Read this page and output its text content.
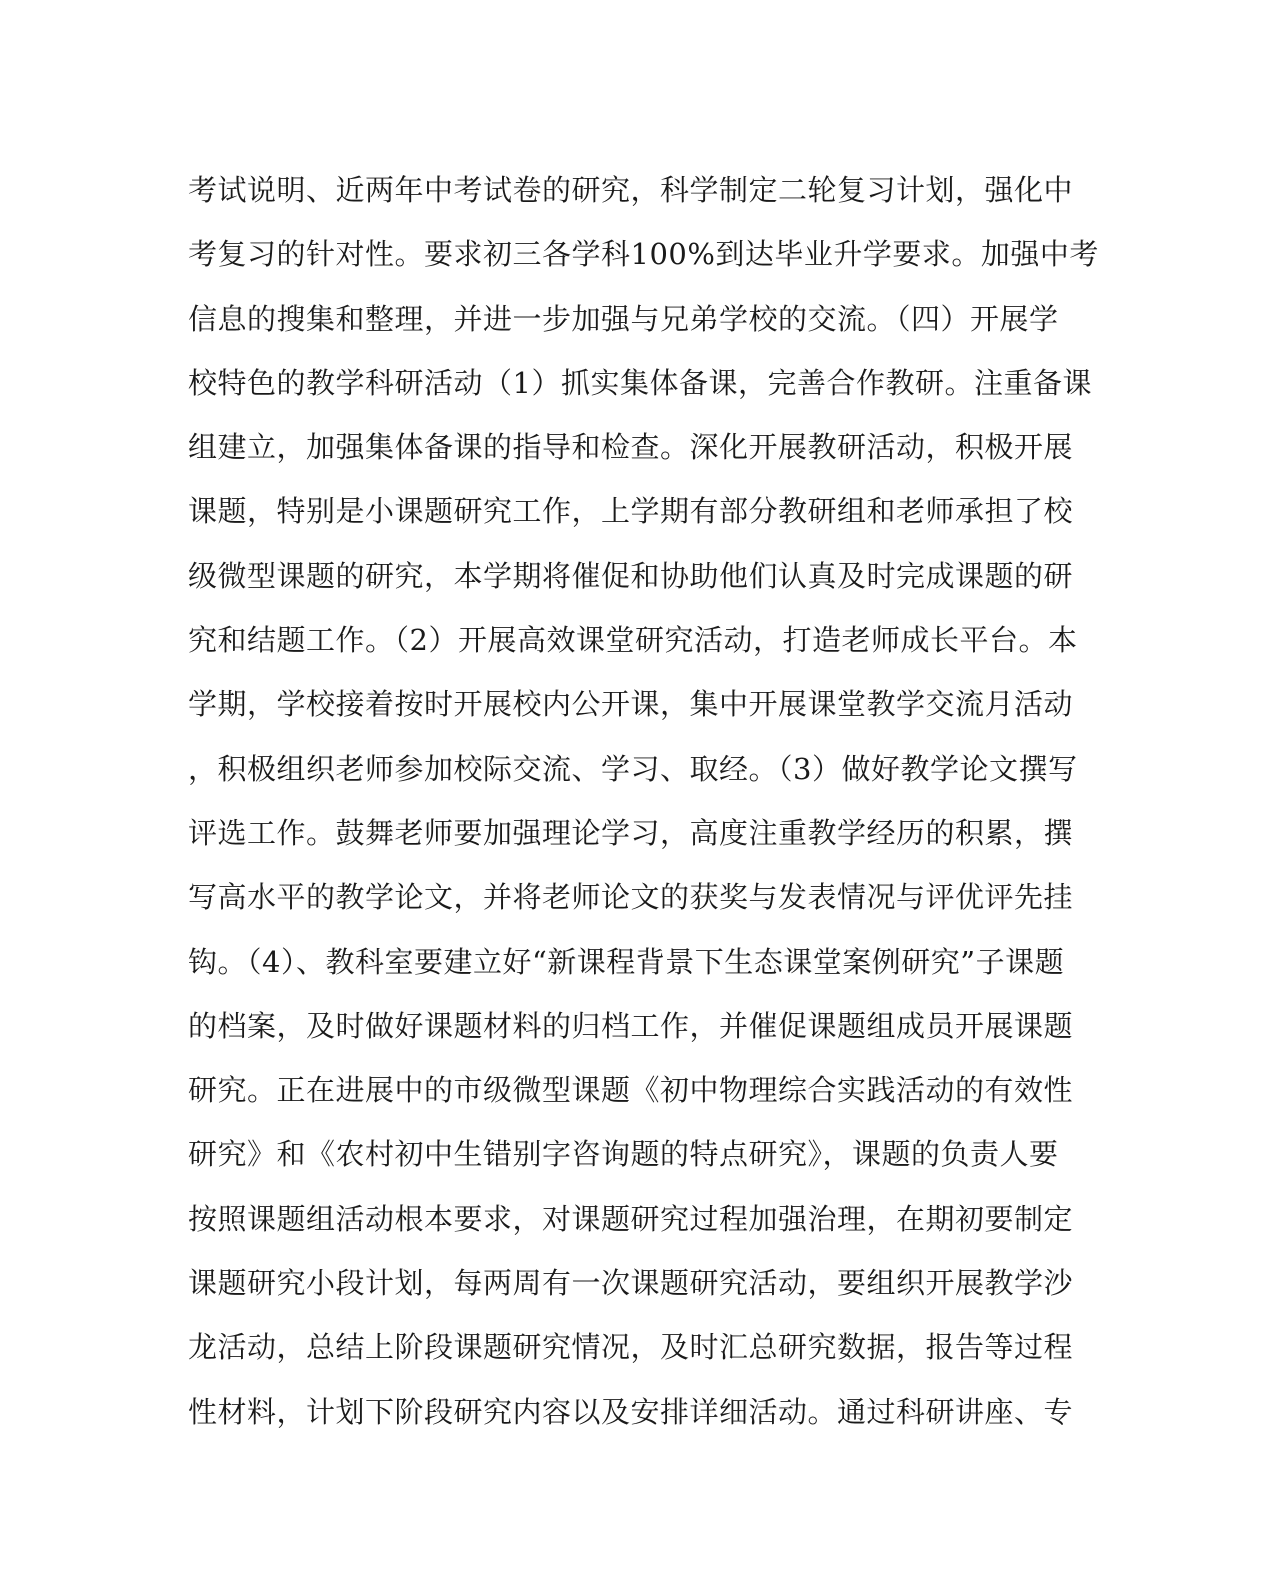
考试说明、近两年中考试卷的研究，科学制定二轮复习计划，强化中
考复习的针对性。要求初三各学科100%到达毕业升学要求。加强中考
信息的搜集和整理，并进一步加强与兄弟学校的交流。（四）开展学
校特色的教学科研活动（1）抓实集体备课，完善合作教研。注重备课
组建立，加强集体备课的指导和检查。深化开展教研活动，积极开展
课题，特别是小课题研究工作，上学期有部分教研组和老师承担了校
级微型课题的研究，本学期将催促和协助他们认真及时完成课题的研
究和结题工作。（2）开展高效课堂研究活动，打造老师成长平台。本
学期，学校接着按时开展校内公开课，集中开展课堂教学交流月活动
，积极组织老师参加校际交流、学习、取经。（3）做好教学论文撰写
评选工作。鼓舞老师要加强理论学习，高度注重教学经历的积累，撰
写高水平的教学论文，并将老师论文的获奖与发表情况与评优评先挂
钩。（4）、教科室要建立好“新课程背景下生态课堂案例研究”子课题
的档案，及时做好课题材料的归档工作，并催促课题组成员开展课题
研究。正在进展中的市级微型课题《初中物理综合实践活动的有效性
研究》和《农村初中生错别字咨询题的特点研究》，课题的负责人要
按照课题组活动根本要求，对课题研究过程加强治理，在期初要制定
课题研究小段计划，每两周有一次课题研究活动，要组织开展教学沙
龙活动，总结上阶段课题研究情况，及时汇总研究数据，报告等过程
性材料，计划下阶段研究内容以及安排详细活动。通过科研讲座、专
